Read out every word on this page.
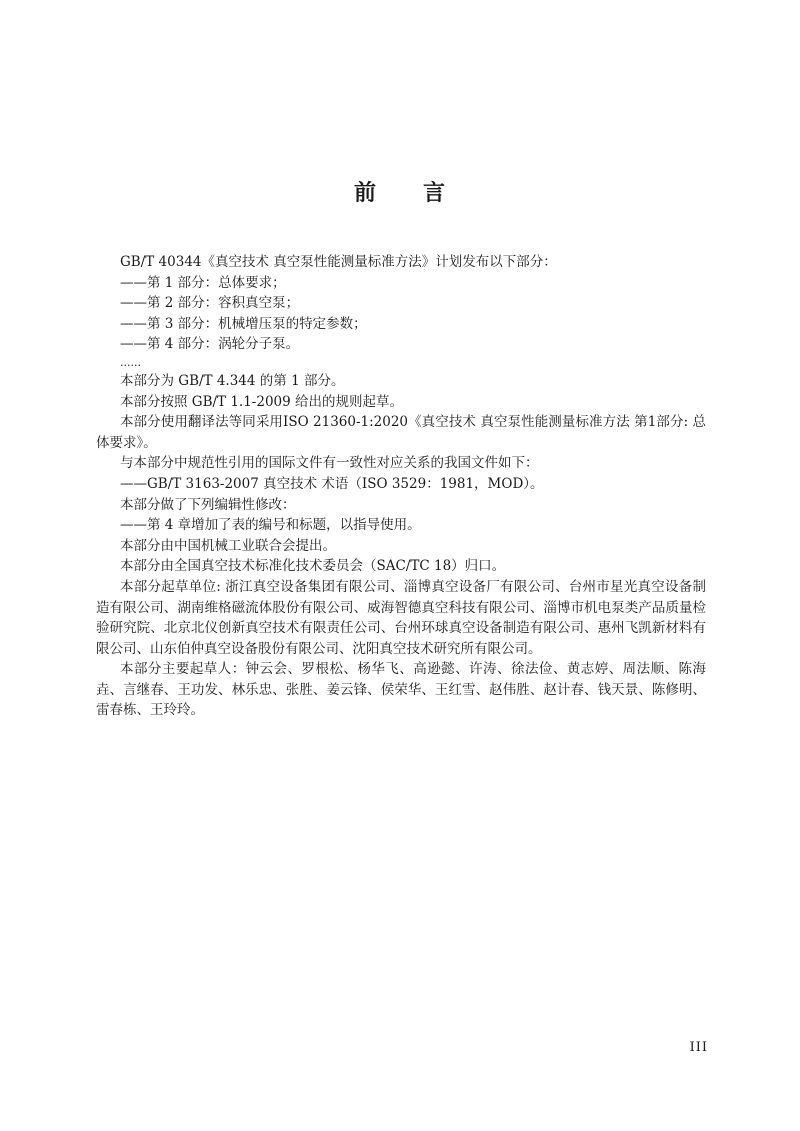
前　　言

GB/T 40344《真空技术 真空泵性能测量标准方法》计划发布以下部分：

——第 1 部分：总体要求；

——第 2 部分：容积真空泵；

——第 3 部分：机械增压泵的特定参数；

——第 4 部分：涡轮分子泵。

......

本部分为 GB/T 4.344 的第 1 部分。

本部分按照 GB/T 1.1-2009 给出的规则起草。

本部分使用翻译法等同采用ISO 21360-1:2020《真空技术 真空泵性能测量标准方法 第1部分: 总体要求》。

与本部分中规范性引用的国际文件有一致性对应关系的我国文件如下：

——GB/T 3163-2007 真空技术 术语（ISO 3529：1981，MOD）。

本部分做了下列编辑性修改：

——第 4 章增加了表的编号和标题，以指导使用。

本部分由中国机械工业联合会提出。

本部分由全国真空技术标准化技术委员会（SAC/TC 18）归口。

本部分起草单位: 浙江真空设备集团有限公司、淄博真空设备厂有限公司、台州市星光真空设备制造有限公司、湖南维格磁流体股份有限公司、威海智德真空科技有限公司、淄博市机电泵类产品质量检验研究院、北京北仪创新真空技术有限责任公司、台州环球真空设备制造有限公司、惠州飞凯新材料有限公司、山东伯仲真空设备股份有限公司、沈阳真空技术研究所有限公司。

本部分主要起草人：钟云会、罗根松、杨华飞、高逊懿、许涛、徐法俭、黄志婷、周法顺、陈海垚、言继春、王功发、林乐忠、张胜、姜云锋、侯荣华、王红雪、赵伟胜、赵计春、钱天景、陈修明、雷春栋、王玲玲。

III
